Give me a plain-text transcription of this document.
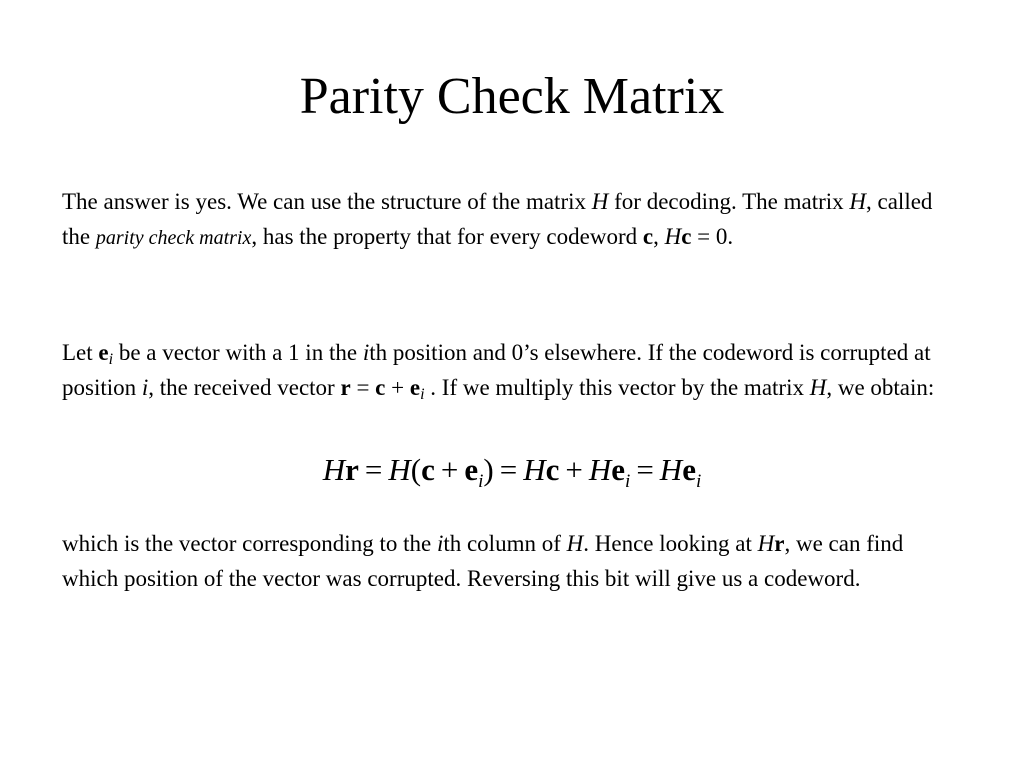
Parity Check Matrix

The answer is yes. We can use the structure of the matrix H for decoding. The matrix H, called the parity check matrix, has the property that for every codeword c, Hc = 0.

Let $e_i$ be a vector with a 1 in the ith position and 0’s elsewhere. If the codeword is corrupted at position i, the received vector $r = c + e_i$ . If we multiply this vector by the matrix H, we obtain:

$Hr = H(c + e_i) = Hc + He_i = He_i$

which is the vector corresponding to the ith column of H. Hence looking at Hr, we can find which position of the vector was corrupted. Reversing this bit will give us a codeword.
